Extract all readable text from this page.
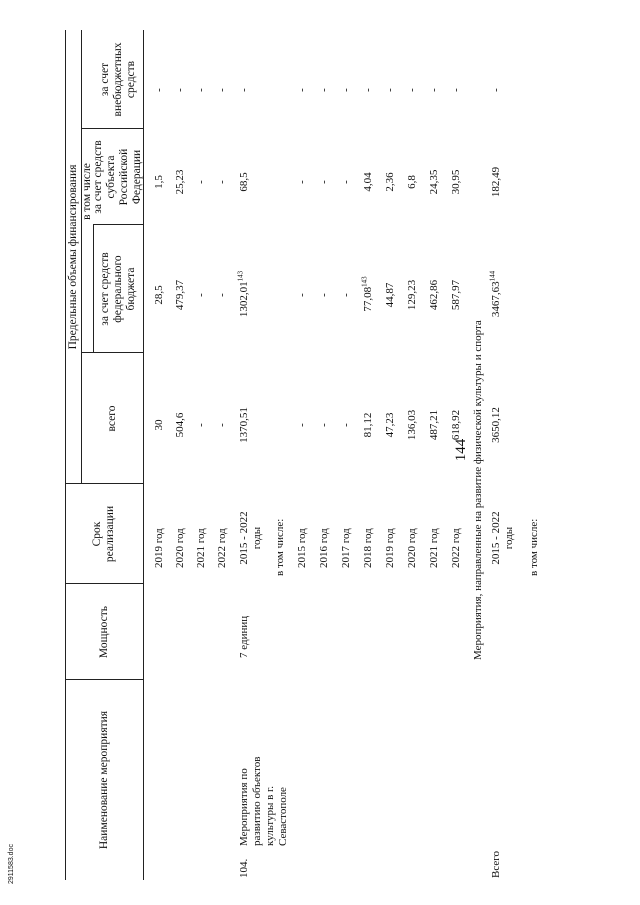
144
Наименование мероприятия
Мощность
Срок реализации
Предельные объемы финансирования
всего
в том числе
за счет средств федерального бюджета
за счет средств субъекта Российской Федерации
за счет внебюджетных средств
2019 год
30
28,5
1,5
-
2020 год
504,6
479,37
25,23
-
2021 год
-
-
-
-
2022 год
-
-
-
-
104.
Мероприятия по развитию объектов культуры в г. Севастополе
7 единиц
2015 - 2022 годы
1370,51
1302,01$^{143}$
68,5
-
в том числе: 2015 год
-
-
-
-
2016 год
-
-
-
-
2017 год
-
-
-
-
2018 год
81,12
77,08$^{143}$
4,04
-
2019 год
47,23
44,87
2,36
-
2020 год
136,03
129,23
6,8
-
2021 год
487,21
462,86
24,35
-
2022 год
618,92
587,97
30,95
-
Мероприятия, направленные на развитие физической культуры и спорта
Всего
2015 - 2022 годы
3650,12
3467,63$^{144}$
182,49
-
в том числе:
2911583.doc
